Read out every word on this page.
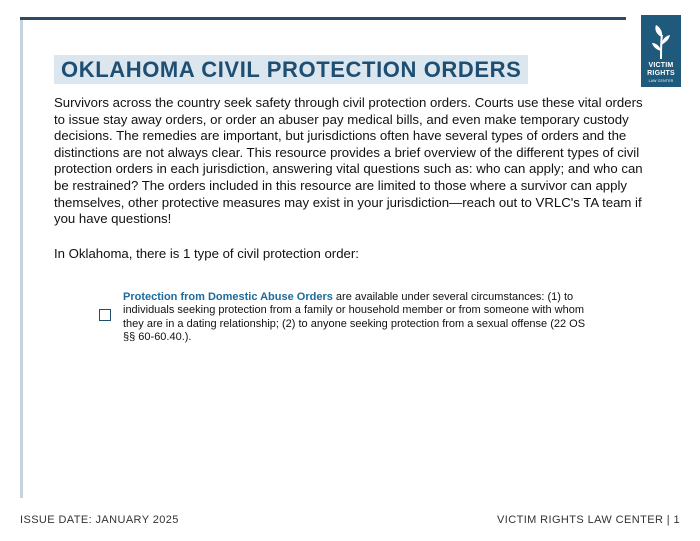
VICTIM
RIGHTS
LAW CENTER
OKLAHOMA CIVIL PROTECTION ORDERS

Survivors across the country seek safety through civil protection orders. Courts use these vital orders to issue stay away orders, or order an abuser pay medical bills, and even make temporary custody decisions. The remedies are important, but jurisdictions often have several types of orders and the distinctions are not always clear. This resource provides a brief overview of the different types of civil protection orders in each jurisdiction, answering vital questions such as: who can apply; and who can be restrained? The orders included in this resource are limited to those where a survivor can apply themselves, other protective measures may exist in your jurisdiction—reach out to VRLC's TA team if you have questions!

In Oklahoma, there is 1 type of civil protection order:

Protection from Domestic Abuse Orders are available under several circumstances: (1) to individuals seeking protection from a family or household member or from someone with whom they are in a dating relationship; (2) to anyone seeking protection from a sexual offense (22 OS §§ 60-60.40.).

ISSUE DATE: JANUARY 2025	VICTIM RIGHTS LAW CENTER | 1
